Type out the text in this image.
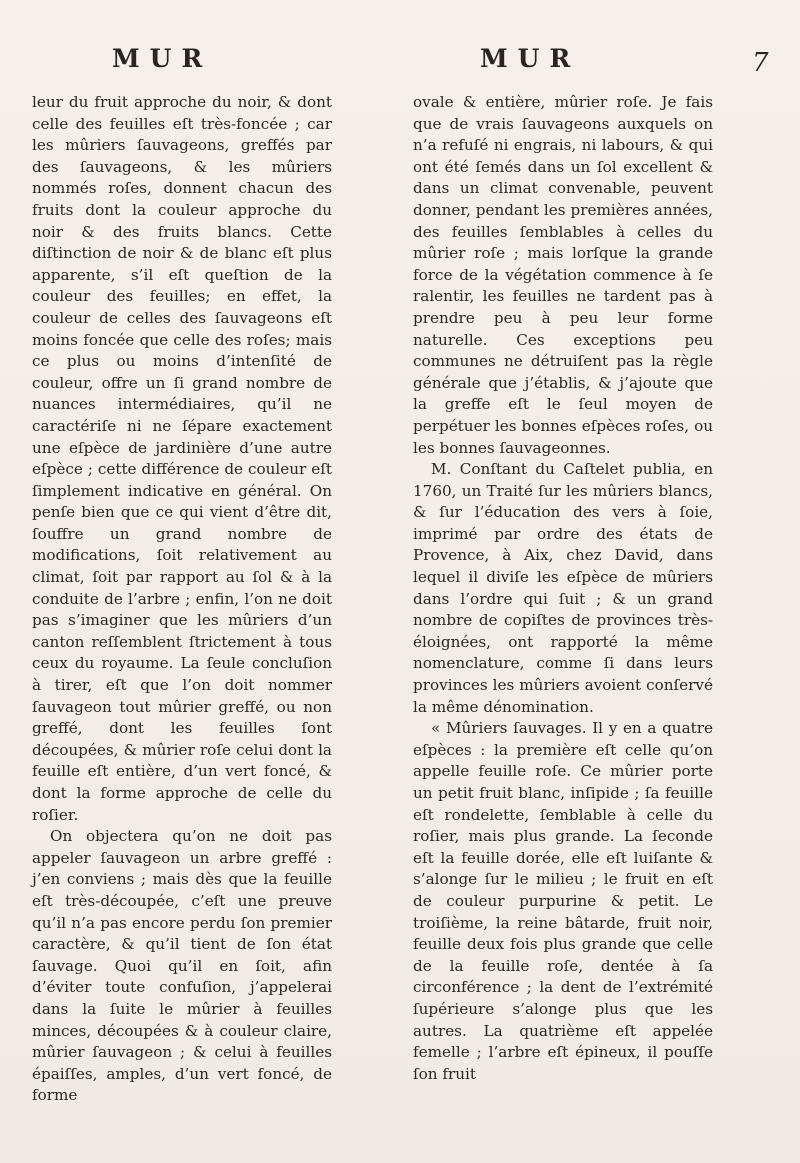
MUR	MUR	7

leur du fruit approche du noir, & dont celle des feuilles eſt très-foncée ; car les mûriers ſauvageons, greffés par des ſauvageons, & les mûriers nommés roſes, donnent chacun des fruits dont la couleur approche du noir & des fruits blancs. Cette diſtinction de noir & de blanc eſt plus apparente, s’il eſt queſtion de la couleur des feuilles; en effet, la couleur de celles des ſauvageons eſt moins foncée que celle des roſes; mais ce plus ou moins d’intenſité de couleur, offre un ſi grand nombre de nuances intermédiaires, qu’il ne caractériſe ni ne ſépare exactement une eſpèce de jardinière d’une autre eſpèce ; cette différence de couleur eſt ſimplement indicative en général. On penſe bien que ce qui vient d’être dit, ſouffre un grand nombre de modifications, ſoit relativement au climat, ſoit par rapport au ſol & à la conduite de l’arbre ; enfin, l’on ne doit pas s’imaginer que les mûriers d’un canton reſſemblent ſtrictement à tous ceux du royaume. La ſeule concluſion à tirer, eſt que l’on doit nommer ſauvageon tout mûrier greffé, ou non greffé, dont les feuilles ſont découpées, & mûrier roſe celui dont la feuille eſt entière, d’un vert foncé, & dont la forme approche de celle du roſier.

On objectera qu’on ne doit pas appeler ſauvageon un arbre greffé : j’en conviens ; mais dès que la feuille eſt très-découpée, c’eſt une preuve qu’il n’a pas encore perdu ſon premier caractère, & qu’il tient de ſon état ſauvage. Quoi qu’il en ſoit, afin d’éviter toute confuſion, j’appelerai dans la ſuite le mûrier à feuilles minces, découpées & à couleur claire, mûrier ſauvageon ; & celui à feuilles épaiſſes, amples, d’un vert foncé, de forme

ovale & entière, mûrier roſe. Je fais que de vrais ſauvageons auxquels on n’a refuſé ni engrais, ni labours, & qui ont été ſemés dans un ſol excellent & dans un climat convenable, peuvent donner, pendant les premières années, des feuilles ſemblables à celles du mûrier roſe ; mais lorſque la grande force de la végétation commence à ſe ralentir, les feuilles ne tardent pas à prendre peu à peu leur forme naturelle. Ces exceptions peu communes ne détruiſent pas la règle générale que j’établis, & j’ajoute que la greffe eſt le ſeul moyen de perpétuer les bonnes eſpèces roſes, ou les bonnes ſauvageonnes.

M. Conſtant du Caſtelet publia, en 1760, un Traité ſur les mûriers blancs, & ſur l’éducation des vers à ſoie, imprimé par ordre des états de Provence, à Aix, chez David, dans lequel il diviſe les eſpèce de mûriers dans l’ordre qui ſuit ; & un grand nombre de copiſtes de provinces très-éloignées, ont rapporté la même nomenclature, comme ſi dans leurs provinces les mûriers avoient conſervé la même dénomination.

« Mûriers ſauvages. Il y en a quatre eſpèces : la première eſt celle qu’on appelle feuille roſe. Ce mûrier porte un petit fruit blanc, inſipide ; ſa feuille eſt rondelette, ſemblable à celle du roſier, mais plus grande. La ſeconde eſt la feuille dorée, elle eſt luiſante & s’alonge ſur le milieu ; le fruit en eſt de couleur purpurine & petit. Le troiſième, la reine bâtarde, fruit noir, feuille deux fois plus grande que celle de la feuille roſe, dentée à ſa circonférence ; la dent de l’extrémité ſupérieure s’alonge plus que les autres. La quatrième eſt appelée femelle ; l’arbre eſt épineux, il pouſſe ſon fruit
